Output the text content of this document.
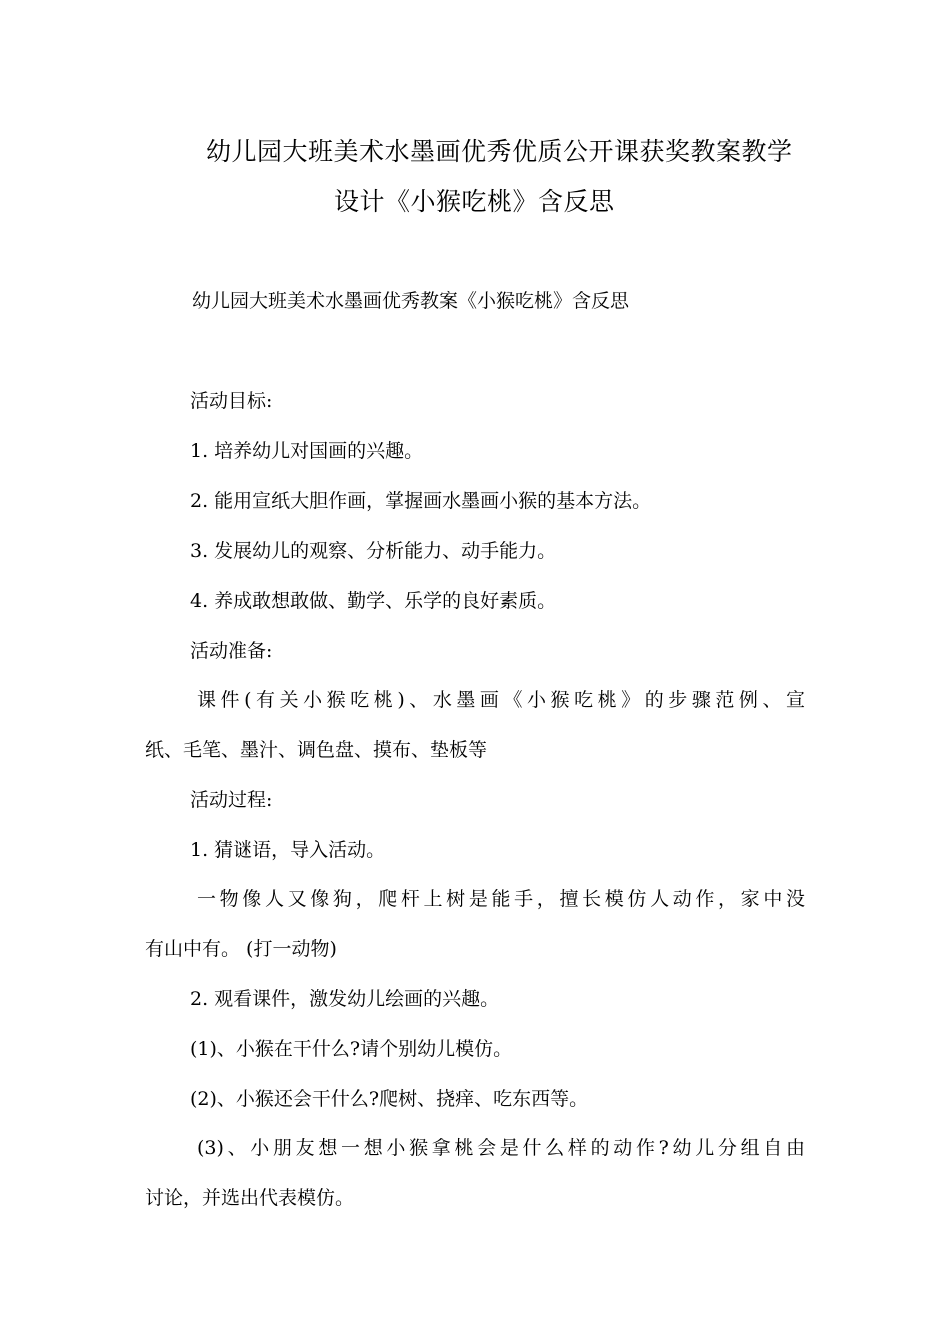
幼儿园大班美术水墨画优秀优质公开课获奖教案教学
设计《小猴吃桃》含反思
幼儿园大班美术水墨画优秀教案《小猴吃桃》含反思
活动目标:
1. 培养幼儿对国画的兴趣。
2. 能用宣纸大胆作画，掌握画水墨画小猴的基本方法。
3. 发展幼儿的观察、分析能力、动手能力。
4. 养成敢想敢做、勤学、乐学的良好素质。
活动准备:
课件(有关小猴吃桃)、水墨画《小猴吃桃》的步骤范例、宣
纸、毛笔、墨汁、调色盘、摸布、垫板等
活动过程:
1. 猜谜语，导入活动。
一物像人又像狗，爬杆上树是能手，擅长模仿人动作，家中没
有山中有。 (打一动物)
2. 观看课件，激发幼儿绘画的兴趣。
(1)、小猴在干什么?请个别幼儿模仿。
(2)、小猴还会干什么?爬树、挠痒、吃东西等。
(3)、小朋友想一想小猴拿桃会是什么样的动作?幼儿分组自由
讨论，并选出代表模仿。
